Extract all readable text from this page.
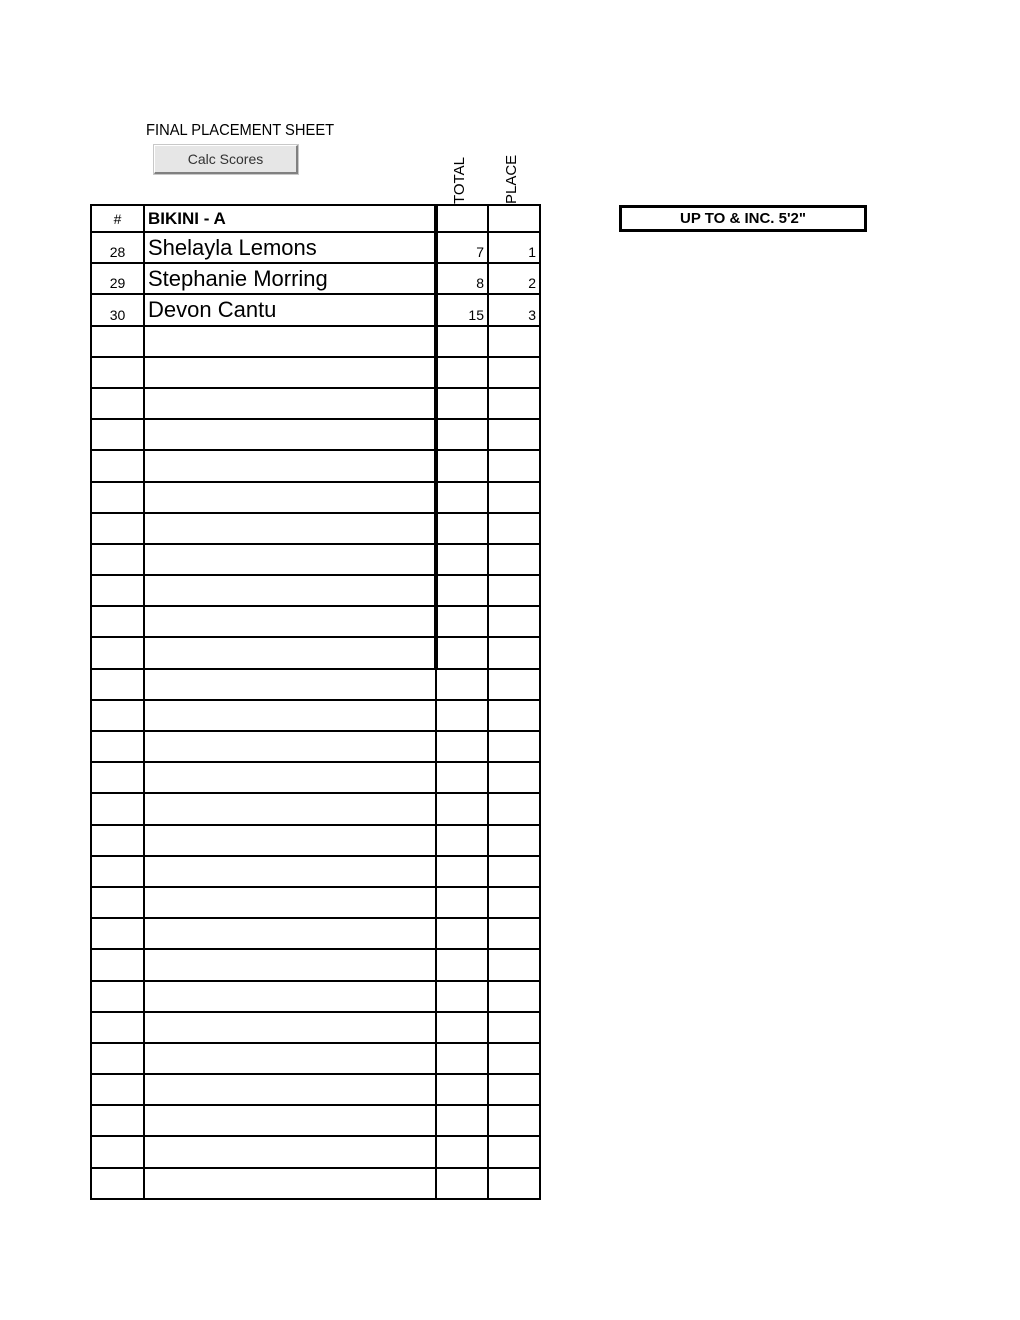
FINAL PLACEMENT SHEET
Calc Scores	TOTAL PLACE
#	BIKINI - A		
28	Shelayla Lemons	7	1
29	Stephanie Morring	8	2
30	Devon Cantu	15	3

UP TO & INC. 5'2"
